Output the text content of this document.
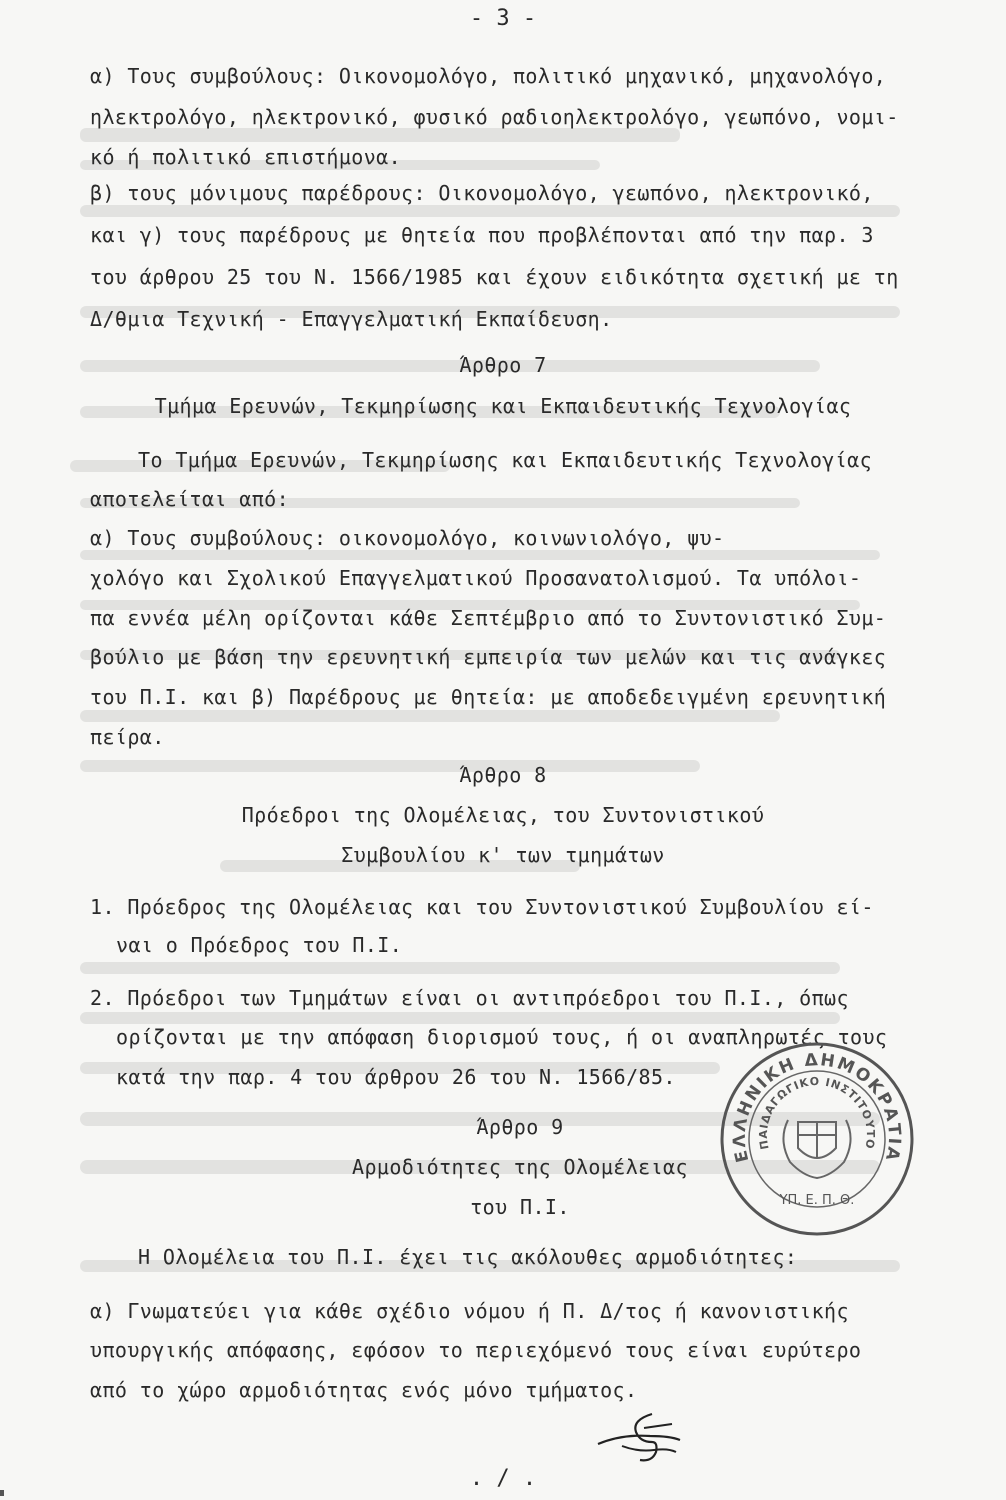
- 3 -
α) Τους συμβούλους: Οικονομολόγο, πολιτικό μηχανικό, μηχανολόγο,
ηλεκτρολόγο, ηλεκτρονικό, φυσικό ραδιοηλεκτρολόγο, γεωπόνο, νομι-
κό ή πολιτικό επιστήμονα.
β) τους μόνιμους παρέδρους: Οικονομολόγο, γεωπόνο, ηλεκτρονικό,
και γ) τους παρέδρους με θητεία που προβλέπονται από την παρ. 3
του άρθρου 25 του Ν. 1566/1985 και έχουν ειδικότητα σχετική με τη
Δ/θμια Τεχνική - Επαγγελματική Εκπαίδευση.
Άρθρο 7
Τμήμα Ερευνών, Τεκμηρίωσης και Εκπαιδευτικής Τεχνολογίας
Το Τμήμα Ερευνών, Τεκμηρίωσης και Εκπαιδευτικής Τεχνολογίας
αποτελείται από:
α) Τους συμβούλους: οικονομολόγο, κοινωνιολόγο, ψυ-
χολόγο και Σχολικού Επαγγελματικού Προσανατολισμού. Τα υπόλοι-
πα εννέα μέλη ορίζονται κάθε Σεπτέμβριο από το Συντονιστικό Συμ-
βούλιο με βάση την ερευνητική εμπειρία των μελών και τις ανάγκες
του Π.Ι. και β) Παρέδρους με θητεία: με αποδεδειγμένη ερευνητική
πείρα.
Άρθρο 8
Πρόεδροι της Ολομέλειας, του Συντονιστικού
Συμβουλίου κ' των τμημάτων
1. Πρόεδρος της Ολομέλειας και του Συντονιστικού Συμβουλίου εί-
ναι ο Πρόεδρος του Π.Ι.
2. Πρόεδροι των Τμημάτων είναι οι αντιπρόεδροι του Π.Ι., όπως
ορίζονται με την απόφαση διορισμού τους, ή οι αναπληρωτές τους
κατά την παρ. 4 του άρθρου 26 του Ν. 1566/85.
Άρθρο 9
Αρμοδιότητες της Ολομέλειας
του Π.Ι.
Η Ολομέλεια του Π.Ι. έχει τις ακόλουθες αρμοδιότητες:
α) Γνωματεύει για κάθε σχέδιο νόμου ή Π. Δ/τος ή κανονιστικής
υπουργικής απόφασης, εφόσον το περιεχόμενό τους είναι ευρύτερο
από το χώρο αρμοδιότητας ενός μόνο τμήματος.
ΕΛΛΗΝΙΚΗ ΔΗΜΟΚΡΑΤΙΑ
ΠΑΙΔΑΓΩΓΙΚΟ ΙΝΣΤΙΤΟΥΤΟ
ΥΠ. Ε. Π. Θ.
. / .
